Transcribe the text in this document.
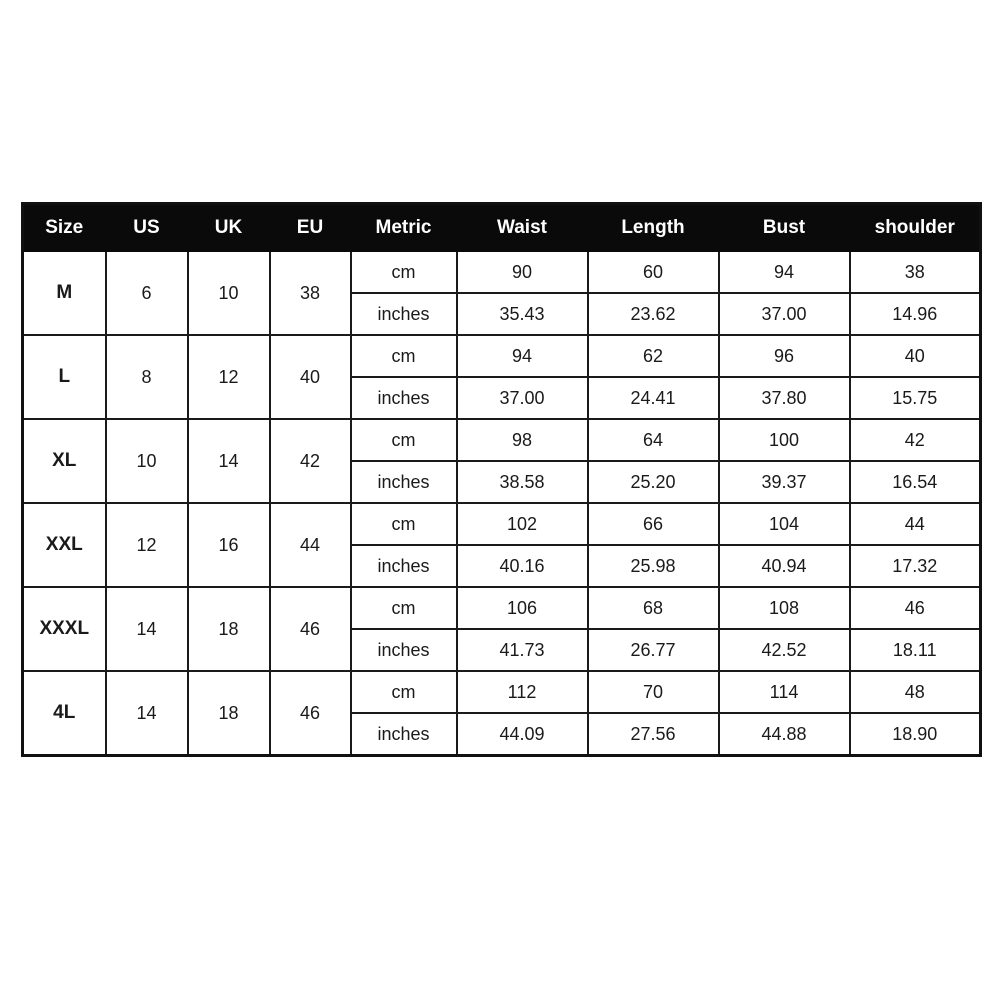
Size	US	UK	EU	Metric	Waist	Length	Bust	shoulder
M	6	10	38	cm	90	60	94	38
				inches	35.43	23.62	37.00	14.96
L	8	12	40	cm	94	62	96	40
				inches	37.00	24.41	37.80	15.75
XL	10	14	42	cm	98	64	100	42
				inches	38.58	25.20	39.37	16.54
XXL	12	16	44	cm	102	66	104	44
				inches	40.16	25.98	40.94	17.32
XXXL	14	18	46	cm	106	68	108	46
				inches	41.73	26.77	42.52	18.11
4L	14	18	46	cm	112	70	114	48
				inches	44.09	27.56	44.88	18.90
